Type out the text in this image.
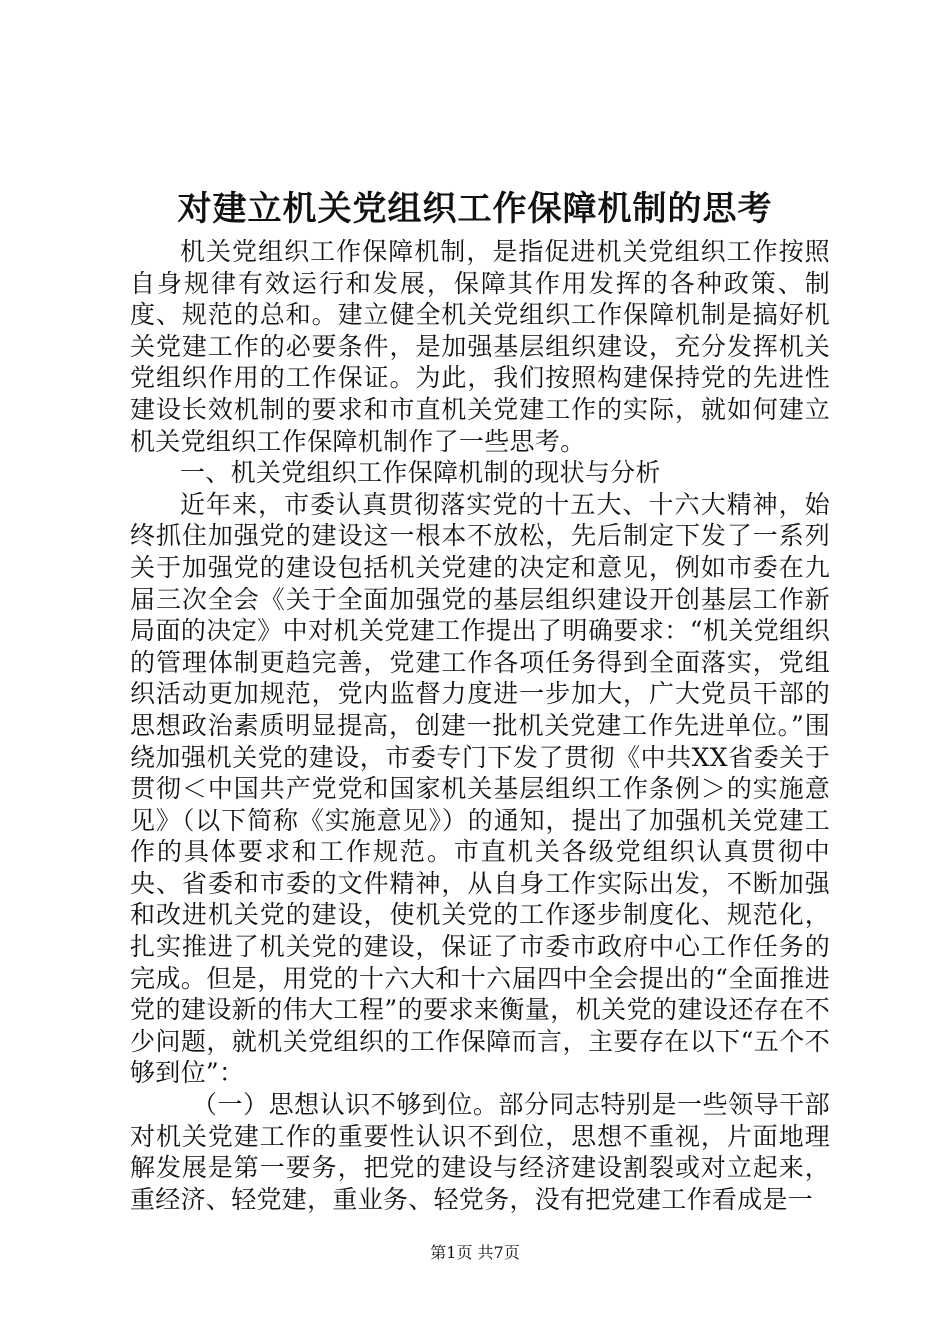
对建立机关党组织工作保障机制的思考

机关党组织工作保障机制，是指促进机关党组织工作按照自身规律有效运行和发展，保障其作用发挥的各种政策、制度、规范的总和。建立健全机关党组织工作保障机制是搞好机关党建工作的必要条件，是加强基层组织建设，充分发挥机关党组织作用的工作保证。为此，我们按照构建保持党的先进性建设长效机制的要求和市直机关党建工作的实际，就如何建立机关党组织工作保障机制作了一些思考。

一、机关党组织工作保障机制的现状与分析

近年来，市委认真贯彻落实党的十五大、十六大精神，始终抓住加强党的建设这一根本不放松，先后制定下发了一系列关于加强党的建设包括机关党建的决定和意见，例如市委在九届三次全会《关于全面加强党的基层组织建设开创基层工作新局面的决定》中对机关党建工作提出了明确要求：“机关党组织的管理体制更趋完善，党建工作各项任务得到全面落实，党组织活动更加规范，党内监督力度进一步加大，广大党员干部的思想政治素质明显提高，创建一批机关党建工作先进单位。”围绕加强机关党的建设，市委专门下发了贯彻《中共XX省委关于贯彻＜中国共产党党和国家机关基层组织工作条例＞的实施意见》（以下简称《实施意见》）的通知，提出了加强机关党建工作的具体要求和工作规范。市直机关各级党组织认真贯彻中央、省委和市委的文件精神，从自身工作实际出发，不断加强和改进机关党的建设，使机关党的工作逐步制度化、规范化，扎实推进了机关党的建设，保证了市委市政府中心工作任务的完成。但是，用党的十六大和十六届四中全会提出的“全面推进党的建设新的伟大工程”的要求来衡量，机关党的建设还存在不少问题，就机关党组织的工作保障而言，主要存在以下“五个不够到位”：

（一）思想认识不够到位。部分同志特别是一些领导干部对机关党建工作的重要性认识不到位，思想不重视，片面地理解发展是第一要务，把党的建设与经济建设割裂或对立起来，重经济、轻党建，重业务、轻党务，没有把党建工作看成是一

第1页 共7页
